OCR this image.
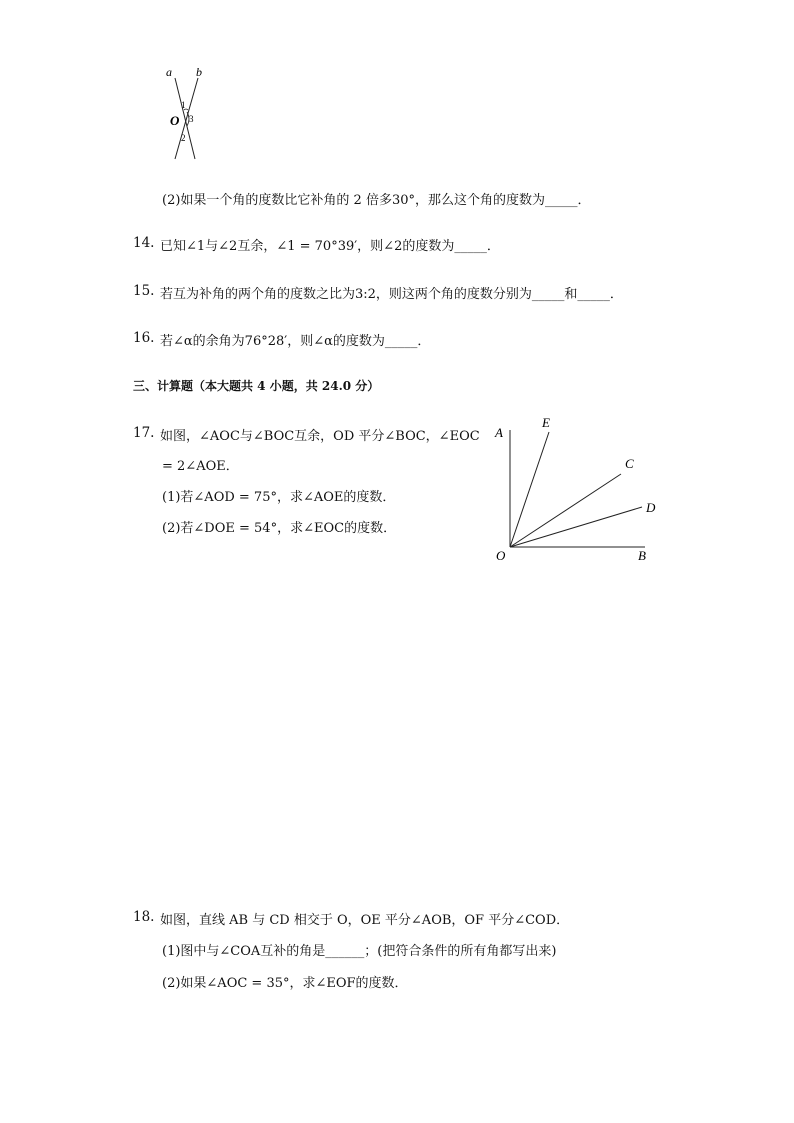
a b
O
1
3
2
(2)如果一个角的度数比它补角的 2 倍多30°，那么这个角的度数为_____．
14. 已知∠1与∠2互余，∠1 = 70°39′，则∠2的度数为_____．
15. 若互为补角的两个角的度数之比为3:2，则这两个角的度数分别为_____和_____．
16. 若∠α的余角为76°28′，则∠α的度数为_____．
三、计算题（本大题共 4 小题，共 24.0 分）
17. 如图，∠AOC与∠BOC互余，OD 平分∠BOC，∠EOC
= 2∠AOE．
(1)若∠AOD = 75°，求∠AOE的度数．
(2)若∠DOE = 54°，求∠EOC的度数．
A
E
C
D
O	B
18. 如图，直线 AB 与 CD 相交于 O，OE 平分∠AOB，OF 平分∠COD．
(1)图中与∠COA互补的角是______；(把符合条件的所有角都写出来)
(2)如果∠AOC = 35°，求∠EOF的度数．
